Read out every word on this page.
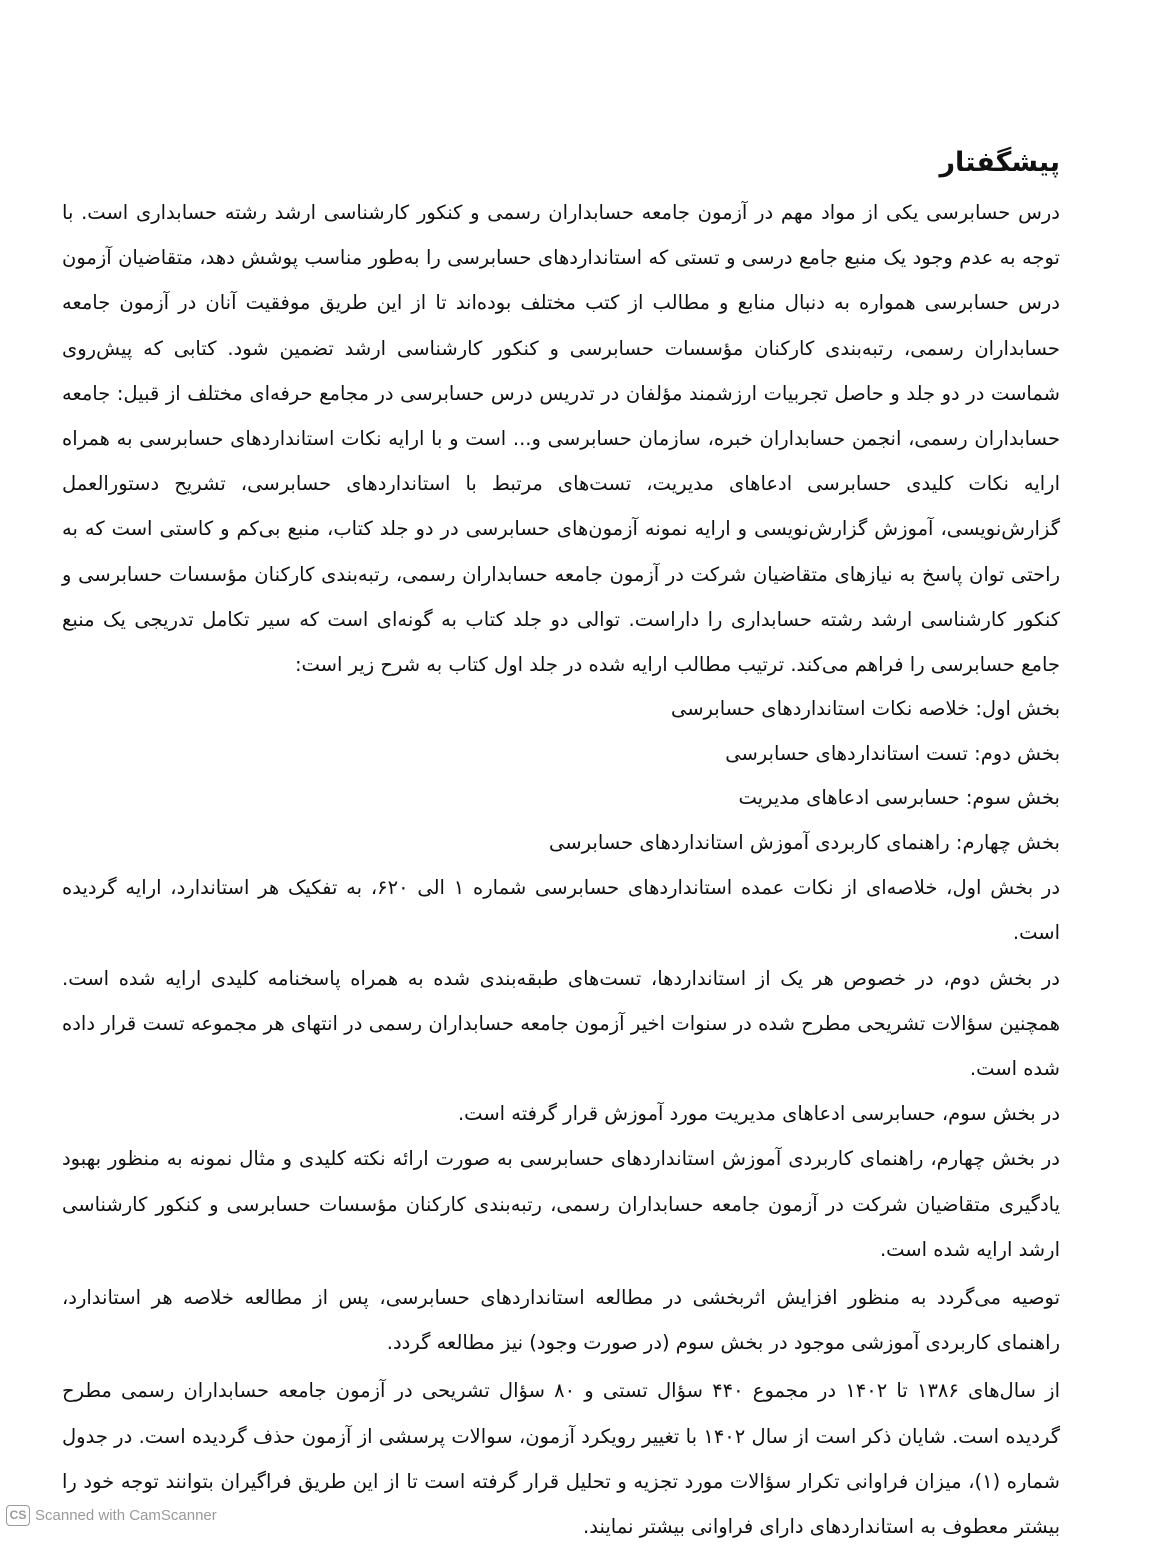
پیشگفتار

درس حسابرسی یکی از مواد مهم در آزمون جامعه حسابداران رسمی و کنکور کارشناسی ارشد رشته حسابداری است. با توجه به عدم وجود یک منبع جامع درسی و تستی که استانداردهای حسابرسی را به‌طور مناسب پوشش دهد، متقاضیان آزمون درس حسابرسی همواره به دنبال منابع و مطالب از کتب مختلف بوده‌اند تا از این طریق موفقیت آنان در آزمون جامعه حسابداران رسمی، رتبه‌بندی کارکنان مؤسسات حسابرسی و کنکور کارشناسی ارشد تضمین شود. کتابی که پیش‌روی شماست در دو جلد و حاصل تجربیات ارزشمند مؤلفان در تدریس درس حسابرسی در مجامع حرفه‌ای مختلف از قبیل: جامعه حسابداران رسمی، انجمن حسابداران خبره، سازمان حسابرسی و... است و با ارایه نکات استانداردهای حسابرسی به همراه ارایه نکات کلیدی حسابرسی ادعاهای مدیریت، تست‌های مرتبط با استانداردهای حسابرسی، تشریح دستورالعمل گزارش‌نویسی، آموزش گزارش‌نویسی و ارایه نمونه آزمون‌های حسابرسی در دو جلد کتاب، منبع بی‌کم و کاستی است که به راحتی توان پاسخ به نیازهای متقاضیان شرکت در آزمون جامعه حسابداران رسمی، رتبه‌بندی کارکنان مؤسسات حسابرسی و کنکور کارشناسی ارشد رشته حسابداری را داراست. توالی دو جلد کتاب به گونه‌ای است که سیر تکامل تدریجی یک منبع جامع حسابرسی را فراهم می‌کند. ترتیب مطالب ارایه شده در جلد اول کتاب به شرح زیر است:

بخش اول: خلاصه نکات استانداردهای حسابرسی
بخش دوم: تست استانداردهای حسابرسی
بخش سوم: حسابرسی ادعاهای مدیریت
بخش چهارم: راهنمای کاربردی آموزش استانداردهای حسابرسی

در بخش اول، خلاصه‌ای از نکات عمده استانداردهای حسابرسی شماره ۱ الی ۶۲۰، به تفکیک هر استاندارد، ارایه گردیده است.

در بخش دوم، در خصوص هر یک از استانداردها، تست‌های طبقه‌بندی شده به همراه پاسخنامه کلیدی ارایه شده است. همچنین سؤالات تشریحی مطرح شده در سنوات اخیر آزمون جامعه حسابداران رسمی در انتهای هر مجموعه تست قرار داده شده است.

در بخش سوم، حسابرسی ادعاهای مدیریت مورد آموزش قرار گرفته است.

در بخش چهارم، راهنمای کاربردی آموزش استانداردهای حسابرسی به صورت ارائه نکته کلیدی و مثال نمونه به منظور بهبود یادگیری متقاضیان شرکت در آزمون جامعه حسابداران رسمی، رتبه‌بندی کارکنان مؤسسات حسابرسی و کنکور کارشناسی ارشد ارایه شده است.

توصیه می‌گردد به منظور افزایش اثربخشی در مطالعه استانداردهای حسابرسی، پس از مطالعه خلاصه هر استاندارد، راهنمای کاربردی آموزشی موجود در بخش سوم (در صورت وجود) نیز مطالعه گردد.

از سال‌های ۱۳۸۶ تا ۱۴۰۲ در مجموع ۴۴۰ سؤال تستی و ۸۰ سؤال تشریحی در آزمون جامعه حسابداران رسمی مطرح گردیده است. شایان ذکر است از سال ۱۴۰۲ با تغییر رویکرد آزمون، سوالات پرسشی از آزمون حذف گردیده است. در جدول شماره (۱)، میزان فراوانی تکرار سؤالات مورد تجزیه و تحلیل قرار گرفته است تا از این طریق فراگیران بتوانند توجه خود را بیشتر معطوف به استانداردهای دارای فراوانی بیشتر نمایند.

CS Scanned with CamScanner
